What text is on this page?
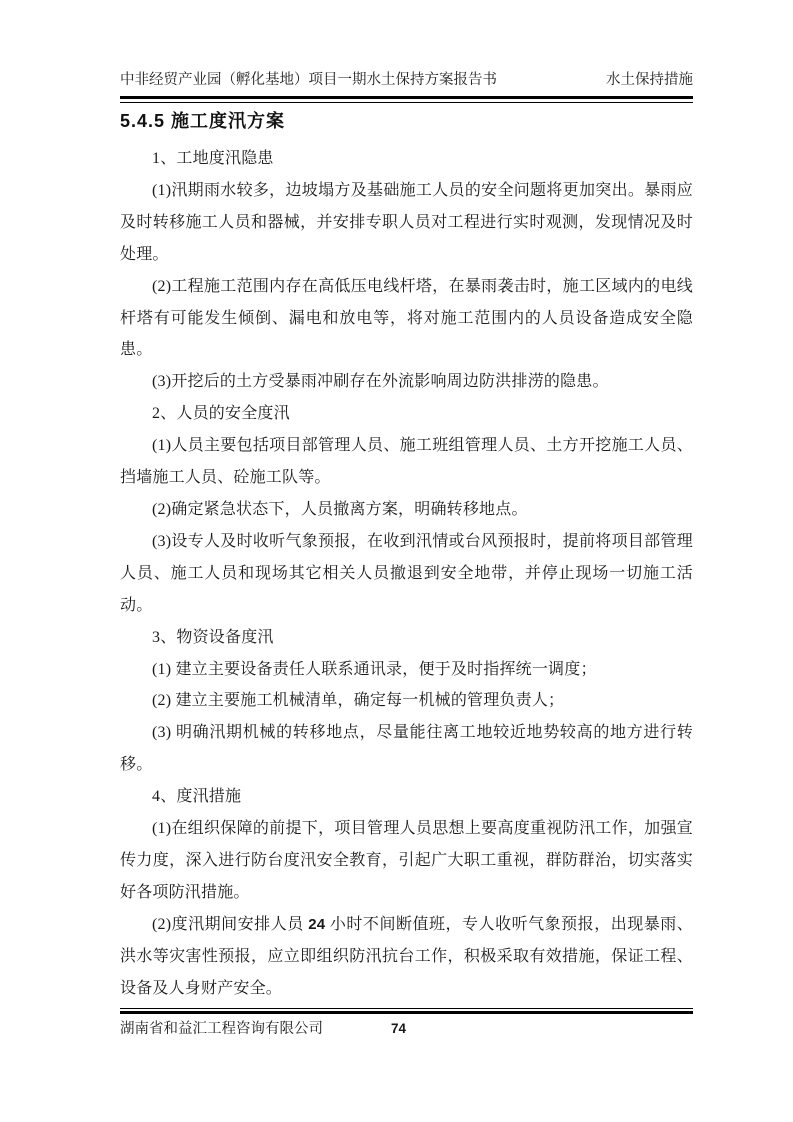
中非经贸产业园（孵化基地）项目一期水土保持方案报告书	水土保持措施
5.4.5 施工度汛方案

1、工地度汛隐患

(1)汛期雨水较多，边坡塌方及基础施工人员的安全问题将更加突出。暴雨应及时转移施工人员和器械，并安排专职人员对工程进行实时观测，发现情况及时处理。

(2)工程施工范围内存在高低压电线杆塔，在暴雨袭击时，施工区域内的电线杆塔有可能发生倾倒、漏电和放电等，将对施工范围内的人员设备造成安全隐患。

(3)开挖后的土方受暴雨冲刷存在外流影响周边防洪排涝的隐患。

2、人员的安全度汛

(1)人员主要包括项目部管理人员、施工班组管理人员、土方开挖施工人员、挡墙施工人员、砼施工队等。

(2)确定紧急状态下，人员撤离方案，明确转移地点。

(3)设专人及时收听气象预报，在收到汛情或台风预报时，提前将项目部管理人员、施工人员和现场其它相关人员撤退到安全地带，并停止现场一切施工活动。

3、物资设备度汛

(1) 建立主要设备责任人联系通讯录，便于及时指挥统一调度；

(2) 建立主要施工机械清单，确定每一机械的管理负责人；

(3) 明确汛期机械的转移地点，尽量能往离工地较近地势较高的地方进行转移。

4、度汛措施

(1)在组织保障的前提下，项目管理人员思想上要高度重视防汛工作，加强宣传力度，深入进行防台度汛安全教育，引起广大职工重视，群防群治，切实落实好各项防汛措施。

(2)度汛期间安排人员 24 小时不间断值班，专人收听气象预报，出现暴雨、洪水等灾害性预报，应立即组织防汛抗台工作，积极采取有效措施，保证工程、设备及人身财产安全。

湖南省和益汇工程咨询有限公司	74
